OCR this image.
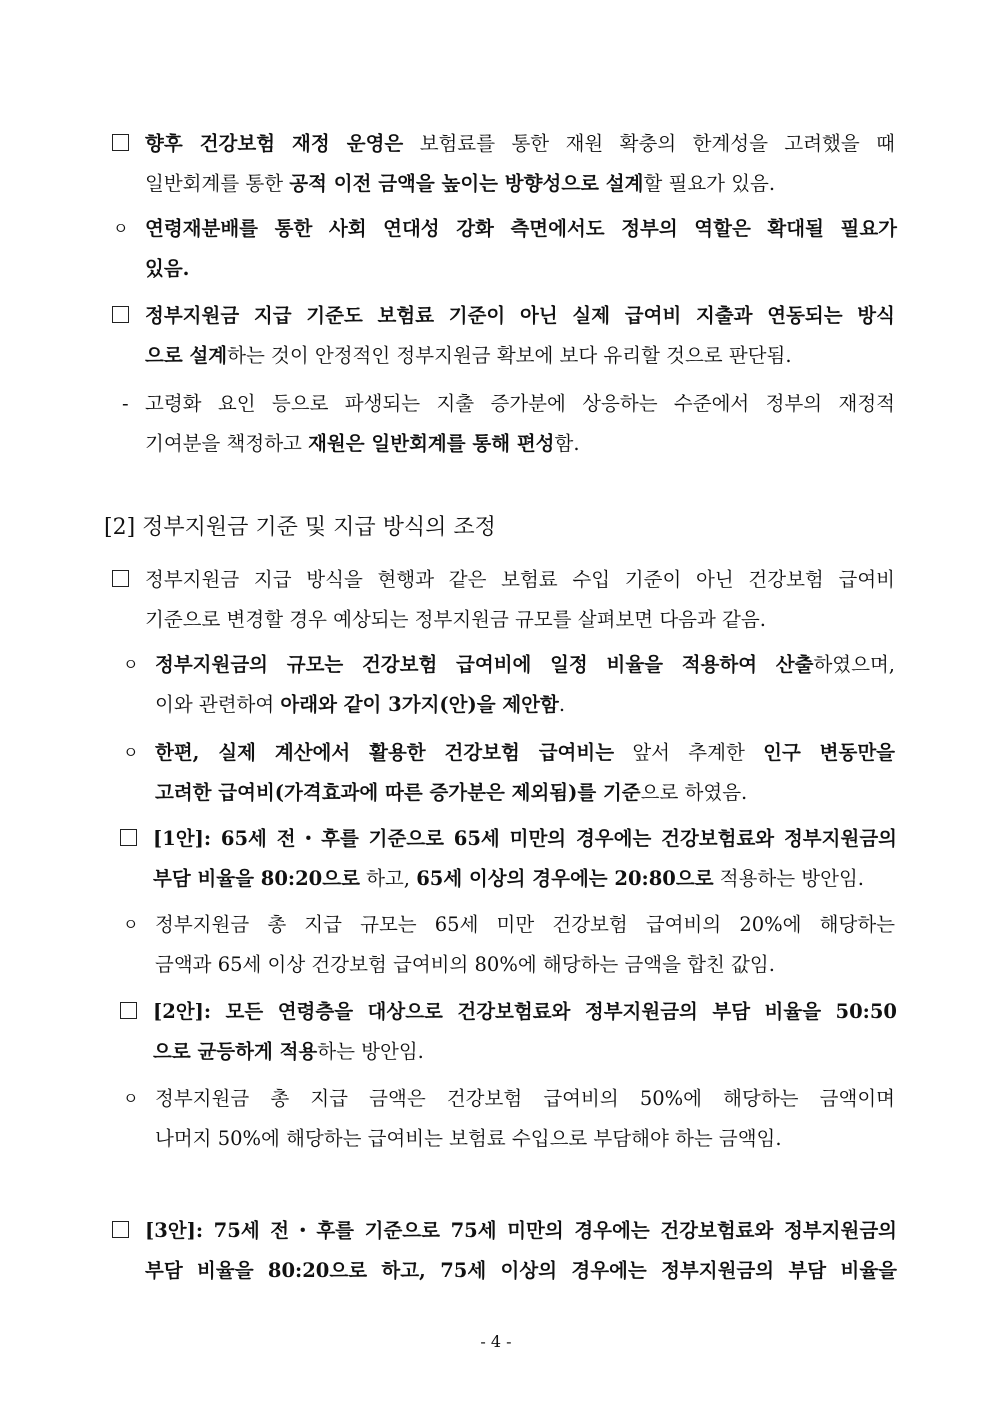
향후 건강보험 재정 운영은 보험료를 통한 재원 확충의 한계성을 고려했을 때
일반회계를 통한 공적 이전 금액을 높이는 방향성으로 설계할 필요가 있음.
ㅇ 연령재분배를 통한 사회 연대성 강화 측면에서도 정부의 역할은 확대될 필요가
있음.
정부지원금 지급 기준도 보험료 기준이 아닌 실제 급여비 지출과 연동되는 방식
으로 설계하는 것이 안정적인 정부지원금 확보에 보다 유리할 것으로 판단됨.
- 고령화 요인 등으로 파생되는 지출 증가분에 상응하는 수준에서 정부의 재정적
기여분을 책정하고 재원은 일반회계를 통해 편성함.
정부지원금 지급 방식을 현행과 같은 보험료 수입 기준이 아닌 건강보험 급여비
기준으로 변경할 경우 예상되는 정부지원금 규모를 살펴보면 다음과 같음.
ㅇ 정부지원금의 규모는 건강보험 급여비에 일정 비율을 적용하여 산출하였으며,
이와 관련하여 아래와 같이 3가지(안)을 제안함.
ㅇ 한편, 실제 계산에서 활용한 건강보험 급여비는 앞서 추계한 인구 변동만을
고려한 급여비(가격효과에 따른 증가분은 제외됨)를 기준으로 하였음.
[1안]: 65세 전・후를 기준으로 65세 미만의 경우에는 건강보험료와 정부지원금의
부담 비율을 80:20으로 하고, 65세 이상의 경우에는 20:80으로 적용하는 방안임.
ㅇ 정부지원금 총 지급 규모는 65세 미만 건강보험 급여비의 20%에 해당하는
금액과 65세 이상 건강보험 급여비의 80%에 해당하는 금액을 합친 값임.
[2안]: 모든 연령층을 대상으로 건강보험료와 정부지원금의 부담 비율을 50:50
으로 균등하게 적용하는 방안임.
ㅇ 정부지원금 총 지급 금액은 건강보험 급여비의 50%에 해당하는 금액이며
나머지 50%에 해당하는 급여비는 보험료 수입으로 부담해야 하는 금액임.
[3안]: 75세 전・후를 기준으로 75세 미만의 경우에는 건강보험료와 정부지원금의
부담 비율을 80:20으로 하고, 75세 이상의 경우에는 정부지원금의 부담 비율을
[2] 정부지원금 기준 및 지급 방식의 조정
- 4 -
